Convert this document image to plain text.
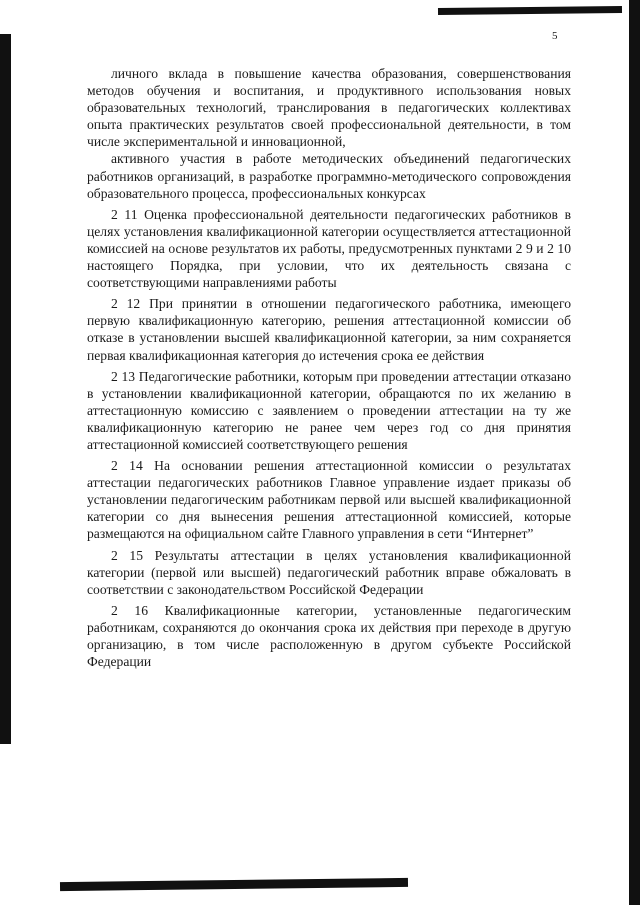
5

личного вклада в повышение качества образования, совершенствования методов обучения и воспитания, и продуктивного использования новых образовательных технологий, транслирования в педагогических коллективах опыта практических результатов своей профессиональной деятельности, в том числе экспериментальной и инновационной,

активного участия в работе методических объединений педагогических работников организаций, в разработке программно-методического сопровождения образовательного процесса, профессиональных конкурсах

2 11 Оценка профессиональной деятельности педагогических работников в целях установления квалификационной категории осуществляется аттестационной комиссией на основе результатов их работы, предусмотренных пунктами 2 9 и 2 10 настоящего Порядка, при условии, что их деятельность связана с соответствующими направлениями работы

2 12 При принятии в отношении педагогического работника, имеющего первую квалификационную категорию, решения аттестационной комиссии об отказе в установлении высшей квалификационной категории, за ним сохраняется первая квалификационная категория до истечения срока ее действия

2 13 Педагогические работники, которым при проведении аттестации отказано в установлении квалификационной категории, обращаются по их желанию в аттестационную комиссию с заявлением о проведении аттестации на ту же квалификационную категорию не ранее чем через год со дня принятия аттестационной комиссией соответствующего решения

2 14 На основании решения аттестационной комиссии о результатах аттестации педагогических работников Главное управление издает приказы об установлении педагогическим работникам первой или высшей квалификационной категории со дня вынесения решения аттестационной комиссией, которые размещаются на официальном сайте Главного управления в сети “Интернет”

2 15 Результаты аттестации в целях установления квалификационной категории (первой или высшей) педагогический работник вправе обжаловать в соответствии с законодательством Российской Федерации

2 16 Квалификационные категории, установленные педагогическим работникам, сохраняются до окончания срока их действия при переходе в другую организацию, в том числе расположенную в другом субъекте Российской Федерации
